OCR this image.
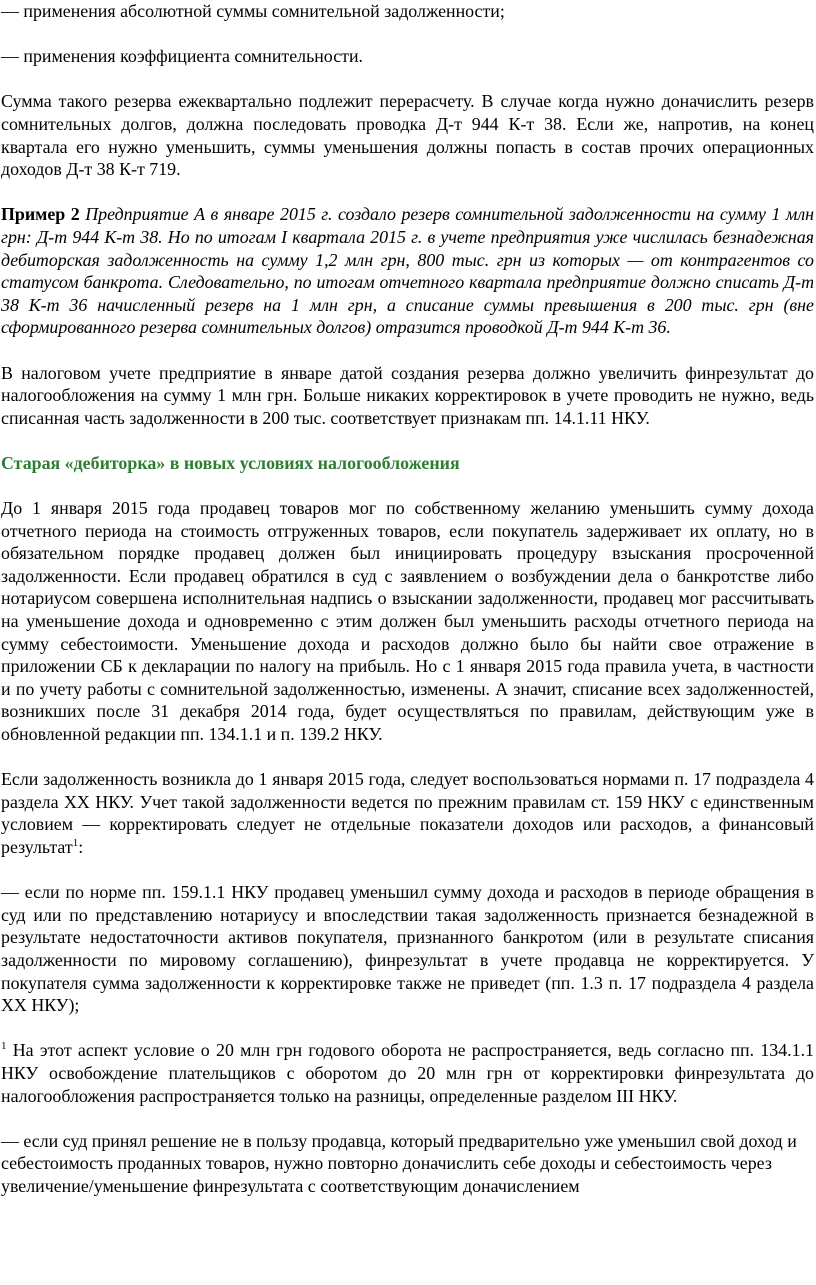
— применения абсолютной суммы сомнительной задолженности;

— применения коэффициента сомнительности.

Сумма такого резерва ежеквартально подлежит перерасчету. В случае когда нужно доначислить резерв сомнительных долгов, должна последовать проводка Д-т 944 К-т 38. Если же, напротив, на конец квартала его нужно уменьшить, суммы уменьшения должны попасть в состав прочих операционных доходов Д-т 38 К-т 719.

Пример 2 Предприятие А в январе 2015 г. создало резерв сомнительной задолженности на сумму 1 млн грн: Д-т 944 К-т 38. Но по итогам I квартала 2015 г. в учете предприятия уже числилась безнадежная дебиторская задолженность на сумму 1,2 млн грн, 800 тыс. грн из которых — от контрагентов со статусом банкрота. Следовательно, по итогам отчетного квартала предприятие должно списать Д-т 38 К-т 36 начисленный резерв на 1 млн грн, а списание суммы превышения в 200 тыс. грн (вне сформированного резерва сомнительных долгов) отразится проводкой Д-т 944 К-т 36.

В налоговом учете предприятие в январе датой создания резерва должно увеличить финрезультат до налогообложения на сумму 1 млн грн. Больше никаких корректировок в учете проводить не нужно, ведь списанная часть задолженности в 200 тыс. соответствует признакам пп. 14.1.11 НКУ.

Старая «дебиторка» в новых условиях налогообложения

До 1 января 2015 года продавец товаров мог по собственному желанию уменьшить сумму дохода отчетного периода на стоимость отгруженных товаров, если покупатель задерживает их оплату, но в обязательном порядке продавец должен был инициировать процедуру взыскания просроченной задолженности. Если продавец обратился в суд с заявлением о возбуждении дела о банкротстве либо нотариусом совершена исполнительная надпись о взыскании задолженности, продавец мог рассчитывать на уменьшение дохода и одновременно с этим должен был уменьшить расходы отчетного периода на сумму себестоимости. Уменьшение дохода и расходов должно было бы найти свое отражение в приложении СБ к декларации по налогу на прибыль. Но с 1 января 2015 года правила учета, в частности и по учету работы с сомнительной задолженностью, изменены. А значит, списание всех задолженностей, возникших после 31 декабря 2014 года, будет осуществляться по правилам, действующим уже в обновленной редакции пп. 134.1.1 и п. 139.2 НКУ.

Если задолженность возникла до 1 января 2015 года, следует воспользоваться нормами п. 17 подраздела 4 раздела XX НКУ. Учет такой задолженности ведется по прежним правилам ст. 159 НКУ с единственным условием — корректировать следует не отдельные показатели доходов или расходов, а финансовый результат$^1$:

— если по норме пп. 159.1.1 НКУ продавец уменьшил сумму дохода и расходов в периоде обращения в суд или по представлению нотариусу и впоследствии такая задолженность признается безнадежной в результате недостаточности активов покупателя, признанного банкротом (или в результате списания задолженности по мировому соглашению), финрезультат в учете продавца не корректируется. У покупателя сумма задолженности к корректировке также не приведет (пп. 1.3 п. 17 подраздела 4 раздела XX НКУ);

$^1$ На этот аспект условие о 20 млн грн годового оборота не распространяется, ведь согласно пп. 134.1.1 НКУ освобождение плательщиков с оборотом до 20 млн грн от корректировки финрезультата до налогообложения распространяется только на разницы, определенные разделом III НКУ.

— если суд принял решение не в пользу продавца, который предварительно уже уменьшил свой доход и себестоимость проданных товаров, нужно повторно доначислить себе доходы и себестоимость через увеличение/уменьшение финрезультата с соответствующим доначислением
